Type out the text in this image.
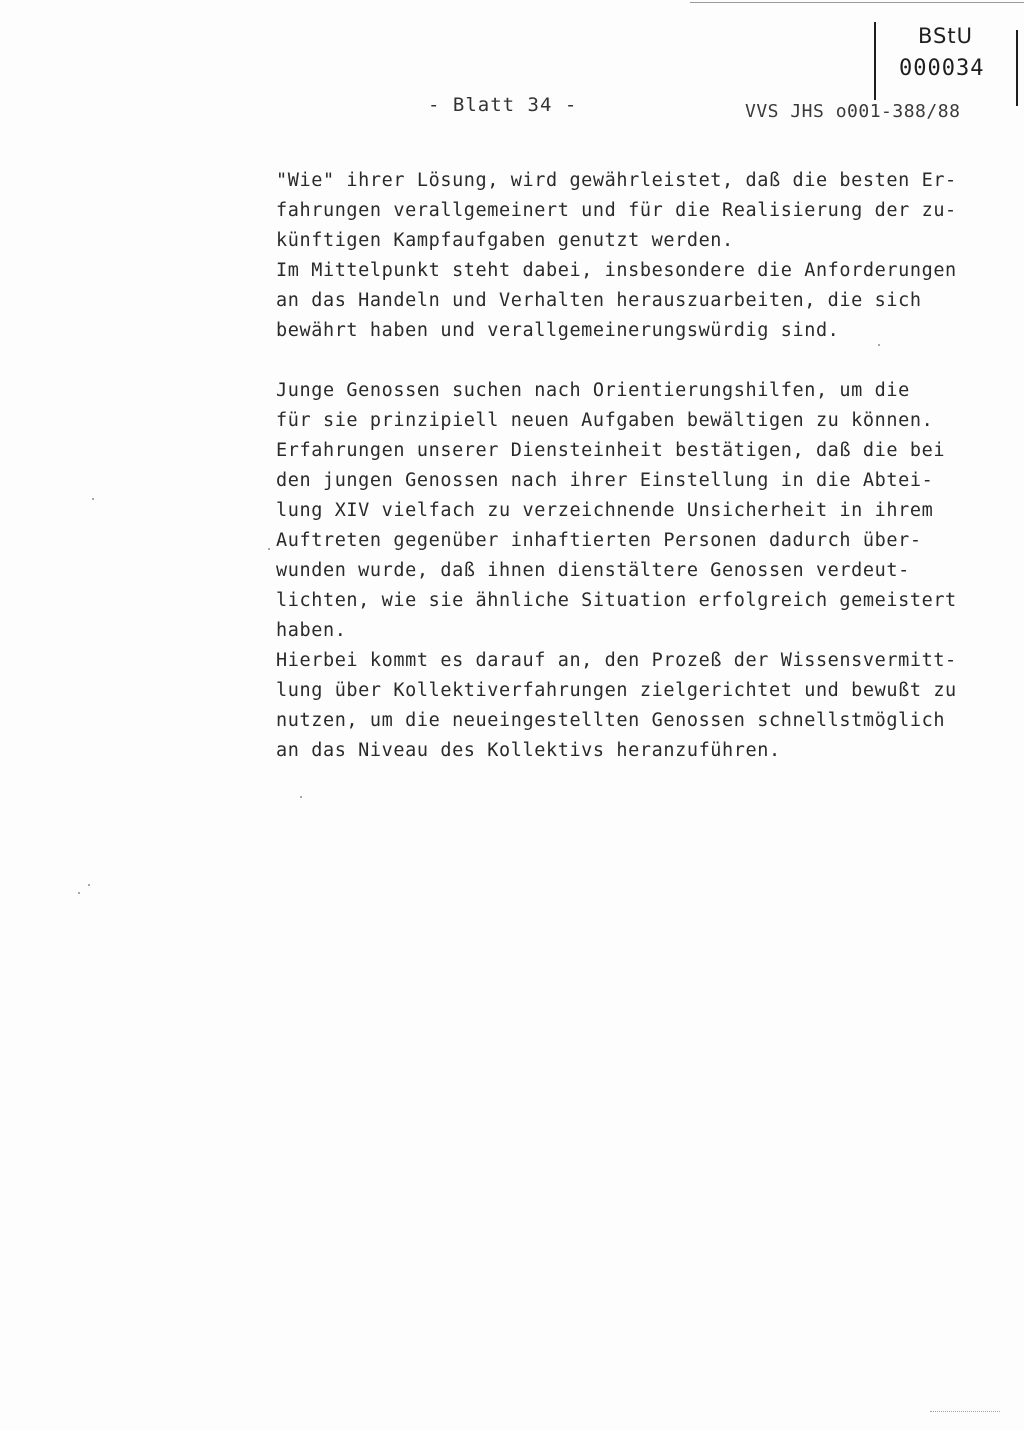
BStU
000034
- Blatt 34 -	VVS JHS o001-388/88
"Wie" ihrer Lösung, wird gewährleistet, daß die besten Er-
fahrungen verallgemeinert und für die Realisierung der zu-
künftigen Kampfaufgaben genutzt werden.
Im Mittelpunkt steht dabei, insbesondere die Anforderungen
an das Handeln und Verhalten herauszuarbeiten, die sich
bewährt haben und verallgemeinerungswürdig sind.
Junge Genossen suchen nach Orientierungshilfen, um die
für sie prinzipiell neuen Aufgaben bewältigen zu können.
Erfahrungen unserer Diensteinheit bestätigen, daß die bei
den jungen Genossen nach ihrer Einstellung in die Abtei-
lung XIV vielfach zu verzeichnende Unsicherheit in ihrem
Auftreten gegenüber inhaftierten Personen dadurch über-
wunden wurde, daß ihnen dienstältere Genossen verdeut-
lichten, wie sie ähnliche Situation erfolgreich gemeistert
haben.
Hierbei kommt es darauf an, den Prozeß der Wissensvermitt-
lung über Kollektiverfahrungen zielgerichtet und bewußt zu
nutzen, um die neueingestellten Genossen schnellstmöglich
an das Niveau des Kollektivs heranzuführen.
